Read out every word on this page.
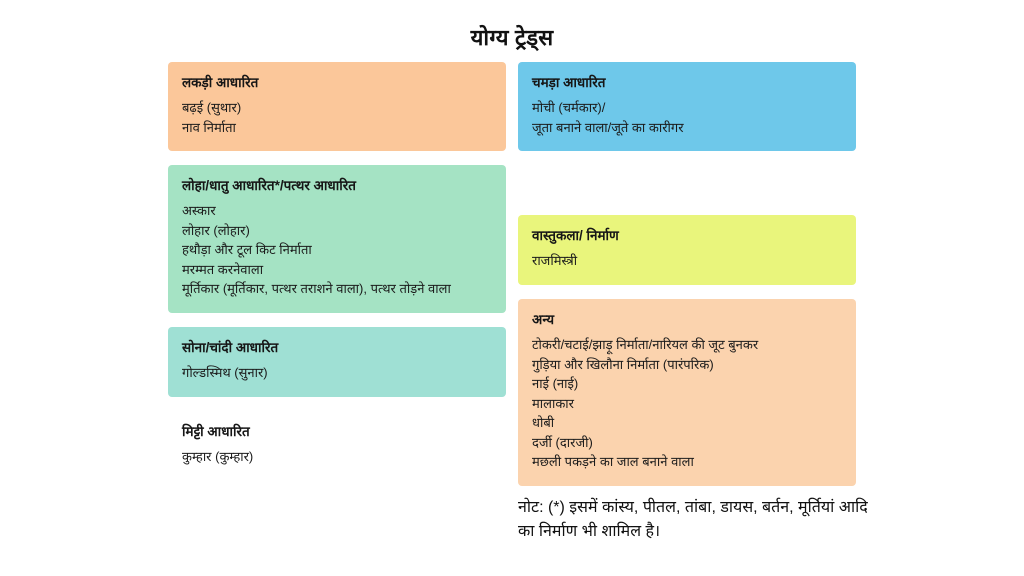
योग्य ट्रेड्स
लकड़ी आधारित
बढ़ई (सुथार)
नाव निर्माता
लोहा/धातु आधारित*/पत्थर आधारित
अस्कार
लोहार (लोहार)
हथौड़ा और टूल किट निर्माता
मरम्मत करनेवाला
मूर्तिकार (मूर्तिकार, पत्थर तराशने वाला), पत्थर तोड़ने वाला
सोना/चांदी आधारित
गोल्डस्मिथ (सुनार)
मिट्टी आधारित
कुम्हार (कुम्हार)
चमड़ा आधारित
मोची (चर्मकार)/
जूता बनाने वाला/जूते का कारीगर
वास्तुकला/ निर्माण
राजमिस्त्री
अन्य
टोकरी/चटाई/झाड़ू निर्माता/नारियल की जूट बुनकर
गुड़िया और खिलौना निर्माता (पारंपरिक)
नाई (नाई)
मालाकार
धोबी
दर्जी (दारजी)
मछली पकड़ने का जाल बनाने वाला
नोट: (*) इसमें कांस्य, पीतल, तांबा, डायस, बर्तन, मूर्तियां आदि का निर्माण भी शामिल है।
